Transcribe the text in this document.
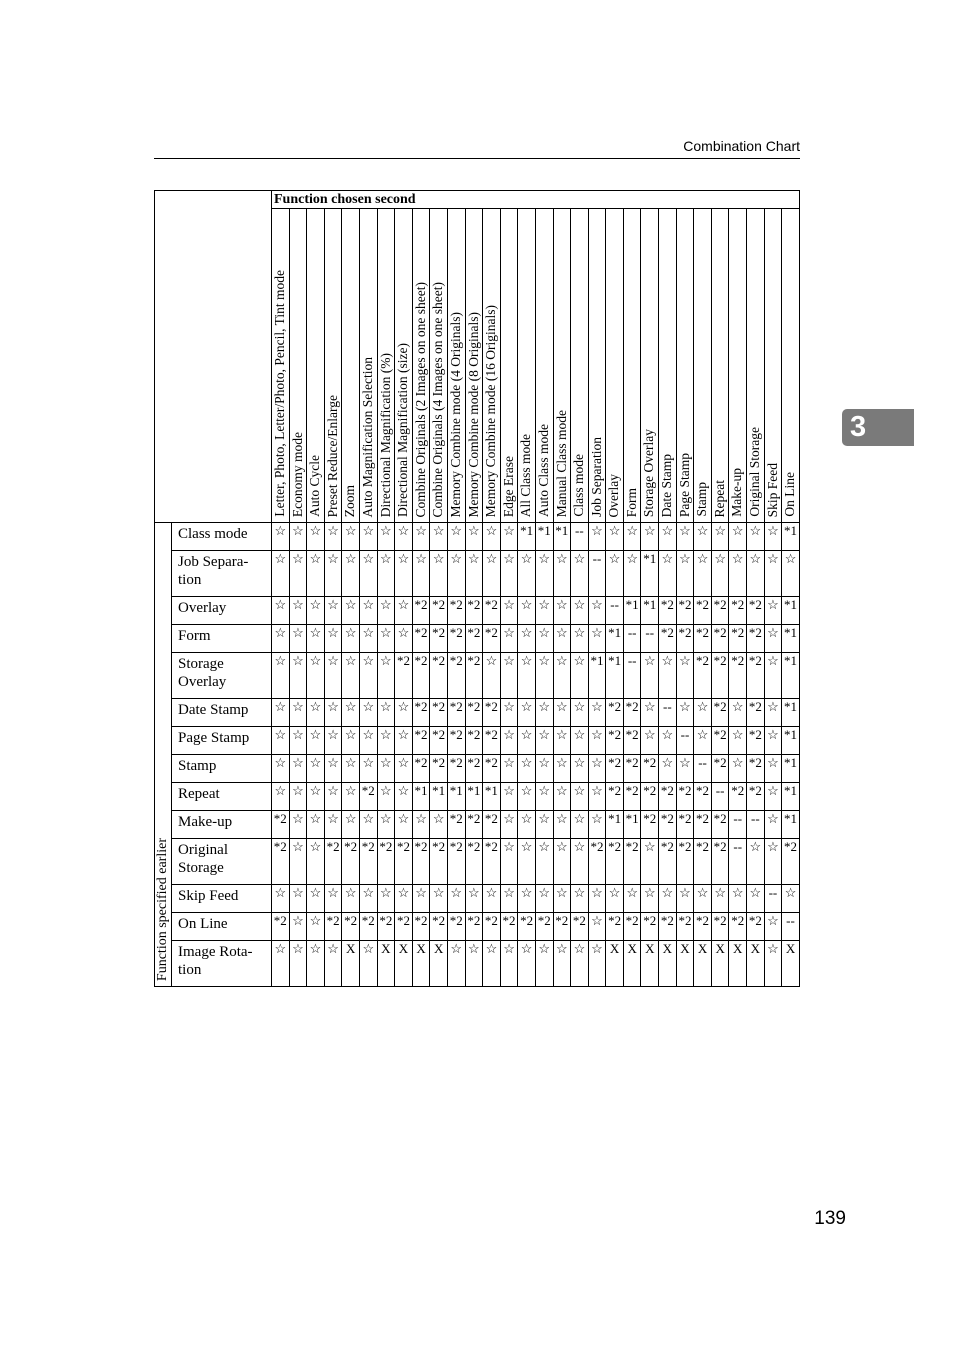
Combination Chart
3
		Function chosen second																													
		Letter, Photo, Letter/Photo, Pencil, Tint mode	Economy mode	Auto Cycle	Preset Reduce/Enlarge	Zoom	Auto Magnification Selection	Directional Magnification (%)	Directional Magnification (size)	Combine Originals (2 Images on one sheet)	Combine Originals (4 Images on one sheet)	Memory Combine mode (4 Originals)	Memory Combine mode (8 Originals)	Memory Combine mode (16 Originals)	Edge Erase	All Class mode	Auto Class mode	Manual Class mode	Class mode	Job Separation	Overlay	Form	Storage Overlay	Date Stamp	Page Stamp	Stamp	Repeat	Make-up	Original Storage	Skip Feed	On Line
Function specified earlier	Class mode	☆	☆	☆	☆	☆	☆	☆	☆	☆	☆	☆	☆	☆	☆	*1	*1	*1	--	☆	☆	☆	☆	☆	☆	☆	☆	☆	☆	☆	*1
	Job Separa-
tion	☆	☆	☆	☆	☆	☆	☆	☆	☆	☆	☆	☆	☆	☆	☆	☆	☆	☆	--	☆	☆	*1	☆	☆	☆	☆	☆	☆	☆	☆
	Overlay	☆	☆	☆	☆	☆	☆	☆	☆	*2	*2	*2	*2	*2	☆	☆	☆	☆	☆	☆	--	*1	*1	*2	*2	*2	*2	*2	*2	☆	*1
	Form	☆	☆	☆	☆	☆	☆	☆	☆	*2	*2	*2	*2	*2	☆	☆	☆	☆	☆	☆	*1	--	--	*2	*2	*2	*2	*2	*2	☆	*1
	Storage
Overlay	☆	☆	☆	☆	☆	☆	☆	*2	*2	*2	*2	*2	☆	☆	☆	☆	☆	☆	*1	*1	--	☆	☆	☆	*2	*2	*2	*2	☆	*1
	Date Stamp	☆	☆	☆	☆	☆	☆	☆	☆	*2	*2	*2	*2	*2	☆	☆	☆	☆	☆	☆	*2	*2	☆	--	☆	☆	*2	☆	*2	☆	*1
	Page Stamp	☆	☆	☆	☆	☆	☆	☆	☆	*2	*2	*2	*2	*2	☆	☆	☆	☆	☆	☆	*2	*2	☆	☆	--	☆	*2	☆	*2	☆	*1
	Stamp	☆	☆	☆	☆	☆	☆	☆	☆	*2	*2	*2	*2	*2	☆	☆	☆	☆	☆	☆	*2	*2	*2	☆	☆	--	*2	☆	*2	☆	*1
	Repeat	☆	☆	☆	☆	☆	*2	☆	☆	*1	*1	*1	*1	*1	☆	☆	☆	☆	☆	☆	*2	*2	*2	*2	*2	*2	--	*2	*2	☆	*1
	Make-up	*2	☆	☆	☆	☆	☆	☆	☆	☆	☆	*2	*2	*2	☆	☆	☆	☆	☆	☆	*1	*1	*2	*2	*2	*2	*2	--	--	☆	*1
	Original
Storage	*2	☆	☆	*2	*2	*2	*2	*2	*2	*2	*2	*2	*2	☆	☆	☆	☆	☆	*2	*2	*2	☆	*2	*2	*2	*2	--	☆	☆	*2
	Skip Feed	☆	☆	☆	☆	☆	☆	☆	☆	☆	☆	☆	☆	☆	☆	☆	☆	☆	☆	☆	☆	☆	☆	☆	☆	☆	☆	☆	☆	--	☆
	On Line	*2	☆	☆	*2	*2	*2	*2	*2	*2	*2	*2	*2	*2	*2	*2	*2	*2	*2	☆	*2	*2	*2	*2	*2	*2	*2	*2	*2	☆	--
	Image Rota-
tion	☆	☆	☆	☆	X	☆	X	X	X	X	☆	☆	☆	☆	☆	☆	☆	☆	☆	X	X	X	X	X	X	X	X	X	☆	X
139
